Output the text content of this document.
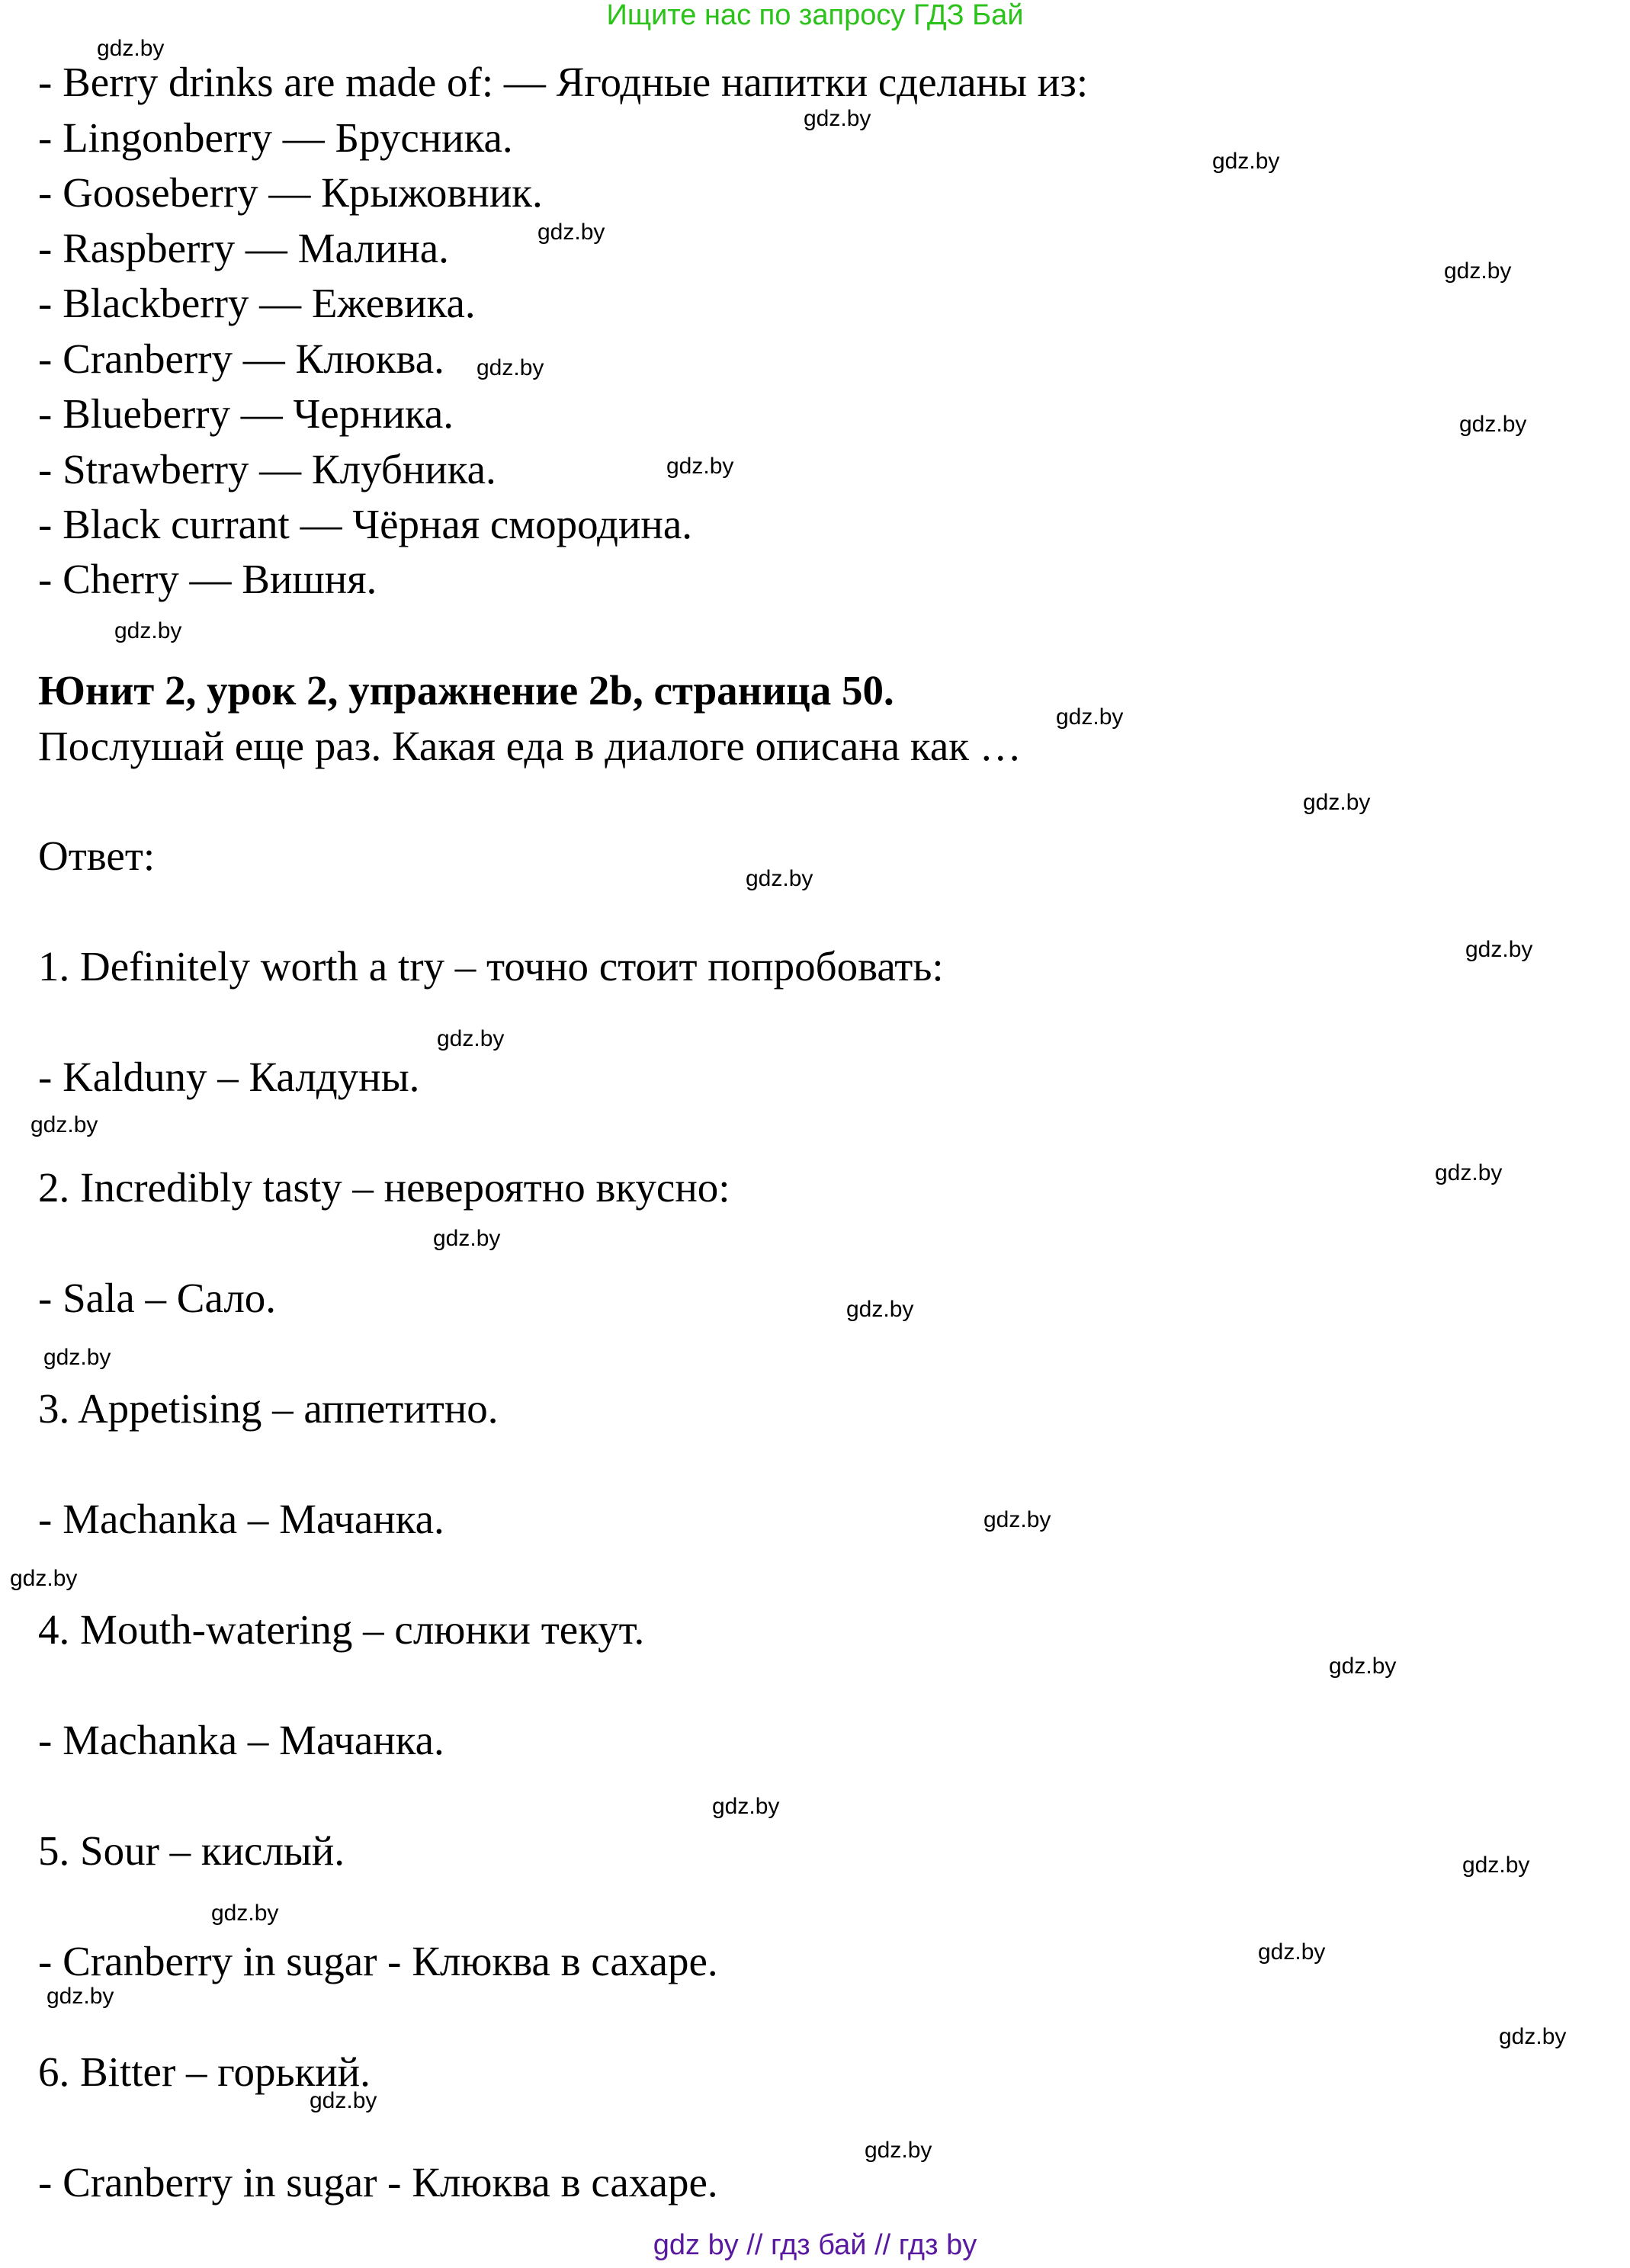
Ищите нас по запросу ГДЗ Бай
- Berry drinks are made of: — Ягодные напитки сделаны из:
- Lingonberry — Брусника.
- Gooseberry — Крыжовник.
- Raspberry — Малина.
- Blackberry — Ежевика.
- Cranberry — Клюква.
- Blueberry — Черника.
- Strawberry — Клубника.
- Black currant — Чёрная смородина.
- Cherry — Вишня.
Юнит 2, урок 2, упражнение 2b, страница 50.
Послушай еще раз. Какая еда в диалоге описана как …
Ответ:
1. Definitely worth a try – точно стоит попробовать:
- Kalduny – Калдуны.
2. Incredibly tasty – невероятно вкусно:
- Sala – Сало.
3. Appetising – аппетитно.
- Machanka – Мачанка.
4. Mouth-watering – слюнки текут.
- Machanka – Мачанка.
5. Sour – кислый.
- Cranberry in sugar - Клюква в сахаре.
6. Bitter – горький.
- Cranberry in sugar - Клюква в сахаре.
gdz.by
gdz.by
gdz.by
gdz.by
gdz.by
gdz.by
gdz.by
gdz.by
gdz.by
gdz.by
gdz.by
gdz.by
gdz.by
gdz.by
gdz.by
gdz.by
gdz.by
gdz.by
gdz.by
gdz.by
gdz.by
gdz.by
gdz.by
gdz.by
gdz.by
gdz.by
gdz.by
gdz.by
gdz.by
gdz.by
gdz by // гдз бай // гдз by
